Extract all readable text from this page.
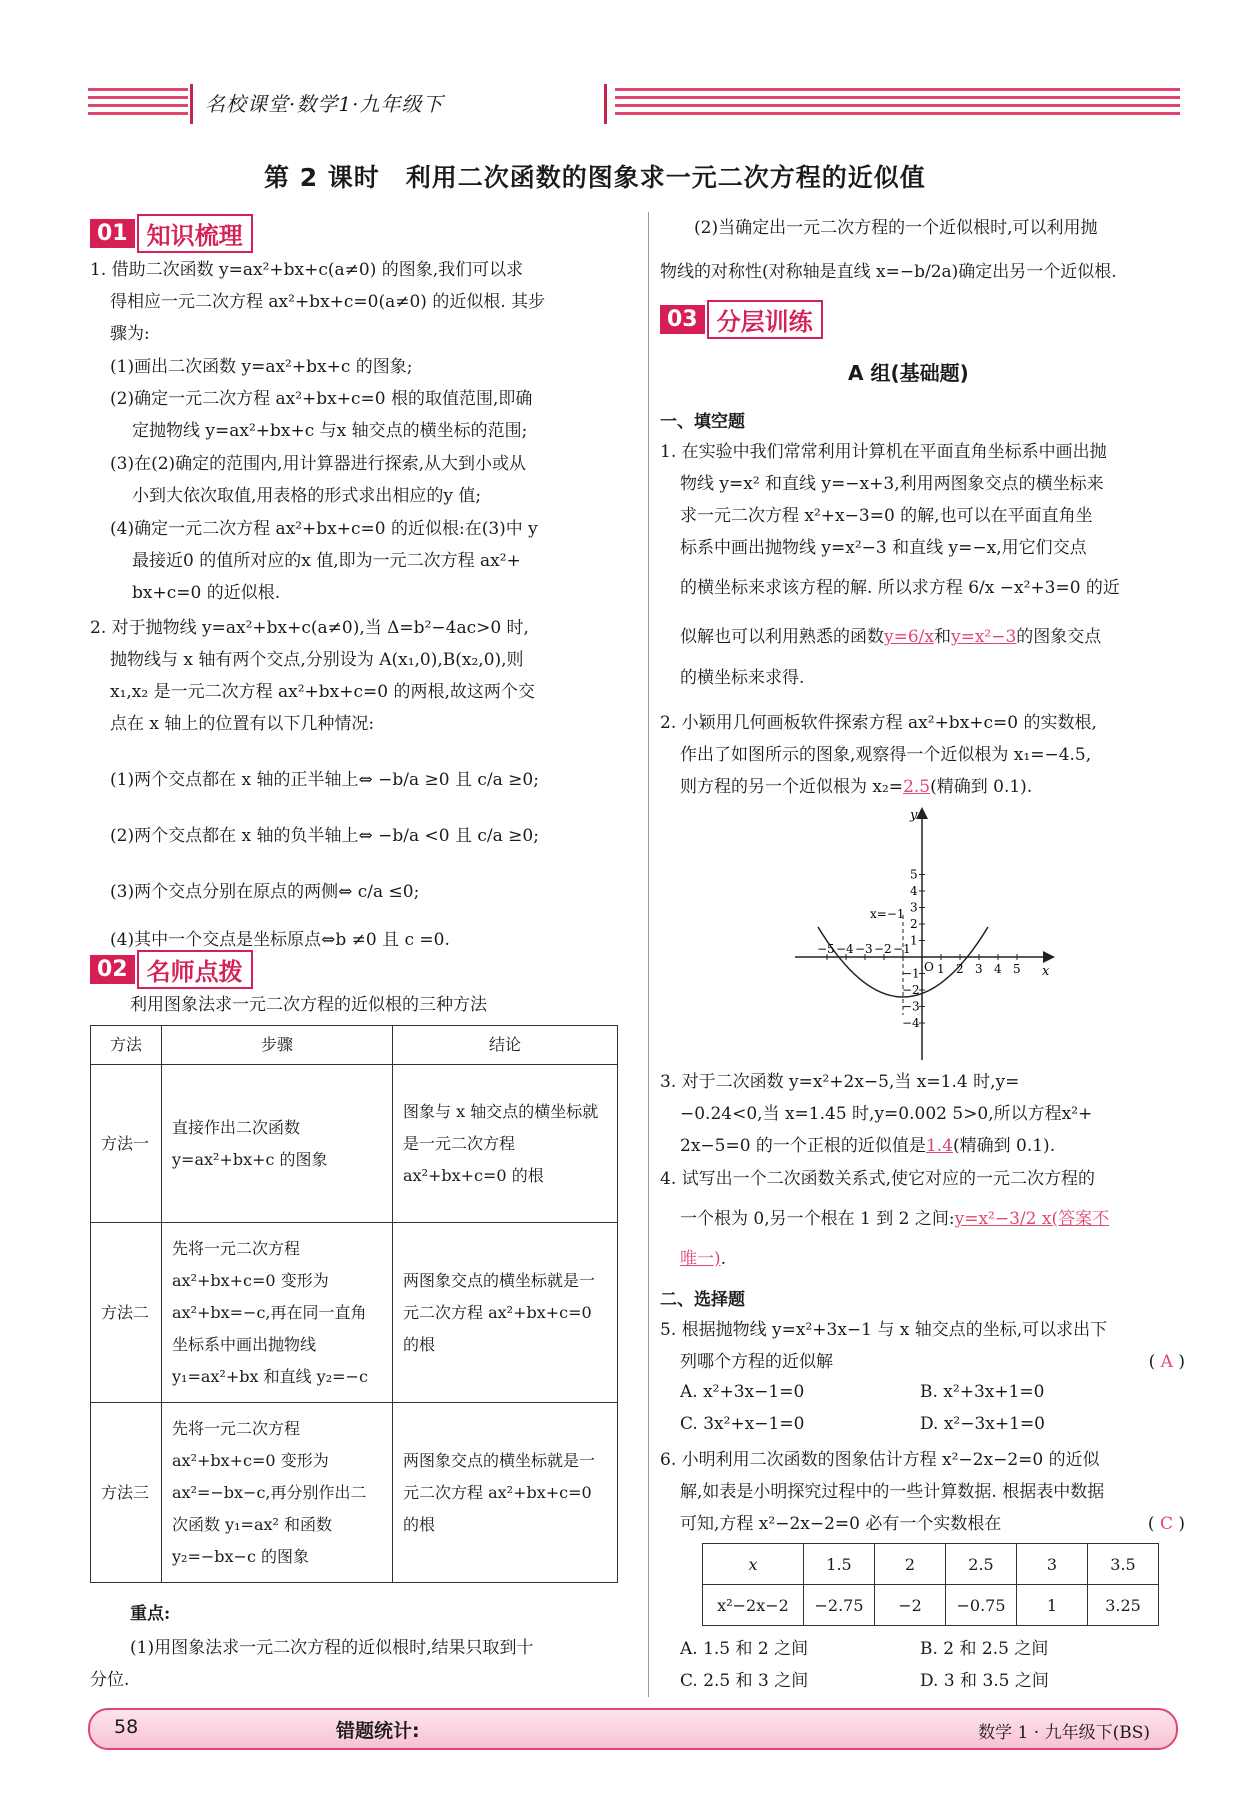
名校课堂·数学1·九年级下
第 2 课时　利用二次函数的图象求一元二次方程的近似值
01 知识梳理
1. 借助二次函数 y=ax²+bx+c(a≠0) 的图象,我们可以求
得相应一元二次方程 ax²+bx+c=0(a≠0) 的近似根. 其步
骤为:
(1)画出二次函数 y=ax²+bx+c 的图象;
(2)确定一元二次方程 ax²+bx+c=0 根的取值范围,即确
定抛物线 y=ax²+bx+c 与x 轴交点的横坐标的范围;
(3)在(2)确定的范围内,用计算器进行探索,从大到小或从
小到大依次取值,用表格的形式求出相应的y 值;
(4)确定一元二次方程 ax²+bx+c=0 的近似根:在(3)中 y
最接近0 的值所对应的x 值,即为一元二次方程 ax²+
bx+c=0 的近似根.
2. 对于抛物线 y=ax²+bx+c(a≠0),当 Δ=b²−4ac>0 时,
抛物线与 x 轴有两个交点,分别设为 A(x₁,0),B(x₂,0),则
x₁,x₂ 是一元二次方程 ax²+bx+c=0 的两根,故这两个交
点在 x 轴上的位置有以下几种情况:
(1)两个交点都在 x 轴的正半轴上⇔ −b/a ≥0 且 c/a ≥0;
(2)两个交点都在 x 轴的负半轴上⇔ −b/a <0 且 c/a ≥0;
(3)两个交点分别在原点的两侧⇔ c/a ≤0;
(4)其中一个交点是坐标原点⇔b ≠0 且 c =0.
02 名师点拨
利用图象法求一元二次方程的近似根的三种方法
方法	步骤	结论
方法一	直接作出二次函数 y=ax²+bx+c 的图象	图象与 x 轴交点的横坐标就是一元二次方程 ax²+bx+c=0 的根
方法二	先将一元二次方程 ax²+bx+c=0 变形为 ax²+bx=−c,再在同一直角坐标系中画出抛物线 y₁=ax²+bx 和直线 y₂=−c	两图象交点的横坐标就是一元二次方程 ax²+bx+c=0 的根
方法三	先将一元二次方程 ax²+bx+c=0 变形为 ax²=−bx−c,再分别作出二次函数 y₁=ax² 和函数 y₂=−bx−c 的图象	两图象交点的横坐标就是一元二次方程 ax²+bx+c=0 的根
重点:
(1)用图象法求一元二次方程的近似根时,结果只取到十
分位.
(2)当确定出一元二次方程的一个近似根时,可以利用抛
物线的对称性(对称轴是直线 x=−b/2a)确定出另一个近似根.
03 分层训练
A 组(基础题)
一、填空题
1. 在实验中我们常常利用计算机在平面直角坐标系中画出抛
物线 y=x² 和直线 y=−x+3,利用两图象交点的横坐标来
求一元二次方程 x²+x−3=0 的解,也可以在平面直角坐
标系中画出抛物线 y=x²−3 和直线 y=−x,用它们交点
的横坐标来求该方程的解. 所以求方程 6/x −x²+3=0 的近
似解也可以利用熟悉的函数y=6/x和y=x²−3的图象交点
的横坐标来求得.
2. 小颖用几何画板软件探索方程 ax²+bx+c=0 的实数根,
作出了如图所示的图象,观察得一个近似根为 x₁=−4.5,
则方程的另一个近似根为 x₂=2.5(精确到 0.1).
y
x
O
x=−1
−5 −4 −3 −2 −1
1 2 3 4 5
5
4
3
2
1
−1
−2
−3
−4
3. 对于二次函数 y=x²+2x−5,当 x=1.4 时,y=
−0.24<0,当 x=1.45 时,y=0.002 5>0,所以方程x²+
2x−5=0 的一个正根的近似值是1.4(精确到 0.1).
4. 试写出一个二次函数关系式,使它对应的一元二次方程的
一个根为 0,另一个根在 1 到 2 之间:y=x²−3/2 x(答案不
唯一).
二、选择题
5. 根据抛物线 y=x²+3x−1 与 x 轴交点的坐标,可以求出下
列哪个方程的近似解	( A )
A. x²+3x−1=0	B. x²+3x+1=0
C. 3x²+x−1=0	D. x²−3x+1=0
6. 小明利用二次函数的图象估计方程 x²−2x−2=0 的近似
解,如表是小明探究过程中的一些计算数据. 根据表中数据
可知,方程 x²−2x−2=0 必有一个实数根在	( C )
x	1.5	2	2.5	3	3.5
x²−2x−2	−2.75	−2	−0.75	1	3.25
A. 1.5 和 2 之间	B. 2 和 2.5 之间
C. 2.5 和 3 之间	D. 3 和 3.5 之间
58	错题统计:	数学 1 · 九年级下(BS)
